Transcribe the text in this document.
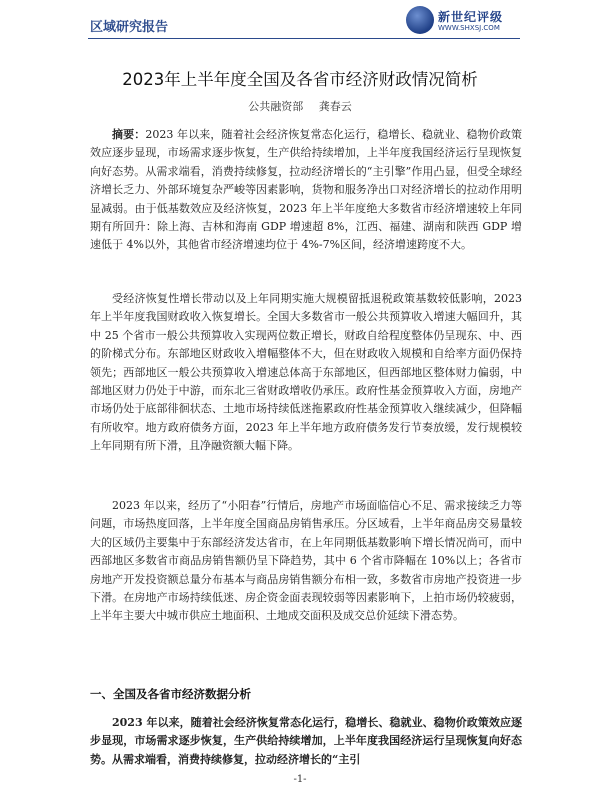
区域研究报告
新世纪评级
WWW.SHXSJ.COM
2023年上半年度全国及各省市经济财政情况简析
公共融资部 龚春云

摘要：2023 年以来，随着社会经济恢复常态化运行，稳增长、稳就业、稳物价政策效应逐步显现，市场需求逐步恢复，生产供给持续增加，上半年度我国经济运行呈现恢复向好态势。从需求端看，消费持续修复，拉动经济增长的“主引擎”作用凸显，但受全球经济增长乏力、外部环境复杂严峻等因素影响，货物和服务净出口对经济增长的拉动作用明显减弱。由于低基数效应及经济恢复，2023 年上半年度绝大多数省市经济增速较上年同期有所回升：除上海、吉林和海南 GDP 增速超 8%，江西、福建、湖南和陕西 GDP 增速低于 4%以外，其他省市经济增速均位于 4%-7%区间，经济增速跨度不大。

受经济恢复性增长带动以及上年同期实施大规模留抵退税政策基数较低影响，2023 年上半年度我国财政收入恢复增长。全国大多数省市一般公共预算收入增速大幅回升，其中 25 个省市一般公共预算收入实现两位数正增长，财政自给程度整体仍呈现东、中、西的阶梯式分布。东部地区财政收入增幅整体不大，但在财政收入规模和自给率方面仍保持领先；西部地区一般公共预算收入增速总体高于东部地区，但西部地区整体财力偏弱，中部地区财力仍处于中游，而东北三省财政增收仍承压。政府性基金预算收入方面，房地产市场仍处于底部徘徊状态、土地市场持续低迷拖累政府性基金预算收入继续减少，但降幅有所收窄。地方政府债务方面，2023 年上半年地方政府债务发行节奏放缓，发行规模较上年同期有所下滑，且净融资额大幅下降。

2023 年以来，经历了“小阳春”行情后，房地产市场面临信心不足、需求接续乏力等问题，市场热度回落，上半年度全国商品房销售承压。分区域看，上半年商品房交易量较大的区域仍主要集中于东部经济发达省市，在上年同期低基数影响下增长情况尚可，而中西部地区多数省市商品房销售额仍呈下降趋势，其中 6 个省市降幅在 10%以上；各省市房地产开发投资额总量分布基本与商品房销售额分布相一致，多数省市房地产投资进一步下滑。在房地产市场持续低迷、房企资金面表现较弱等因素影响下，上拍市场仍较疲弱，上半年主要大中城市供应土地面积、土地成交面积及成交总价延续下滑态势。

一、全国及各省市经济数据分析

2023 年以来，随着社会经济恢复常态化运行，稳增长、稳就业、稳物价政策效应逐步显现，市场需求逐步恢复，生产供给持续增加，上半年度我国经济运行呈现恢复向好态势。从需求端看，消费持续修复，拉动经济增长的“主引

-1-
